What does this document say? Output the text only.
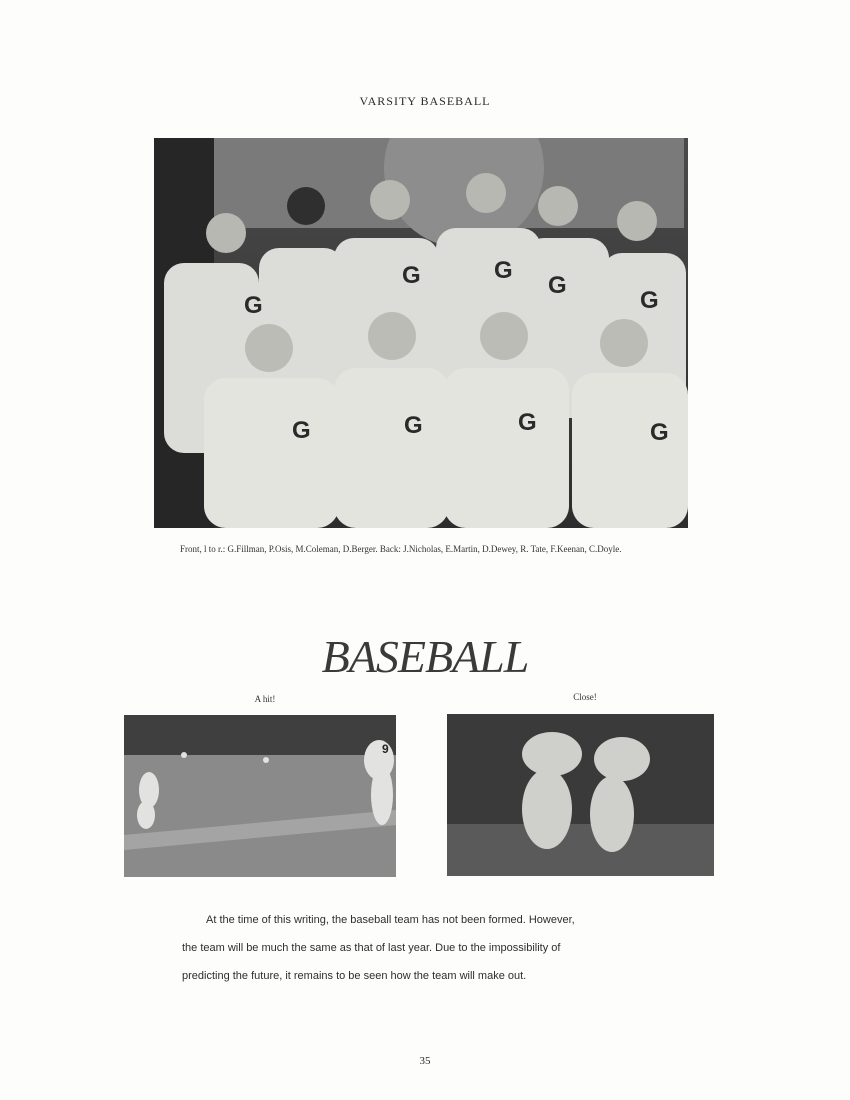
VARSITY BASEBALL
G
G	G
G
G
G	G	G	G
Front, l to r.: G.Fillman, P.Osis, M.Coleman, D.Berger. Back: J.Nicholas, E.Martin, D.Dewey, R. Tate, F.Keenan, C.Doyle.
BASEBALL
A hit!	Close!
9

At the time of this writing, the baseball team has not been formed. However,

the team will be much the same as that of last year. Due to the impossibility of

predicting the future, it remains to be seen how the team will make out.

35
